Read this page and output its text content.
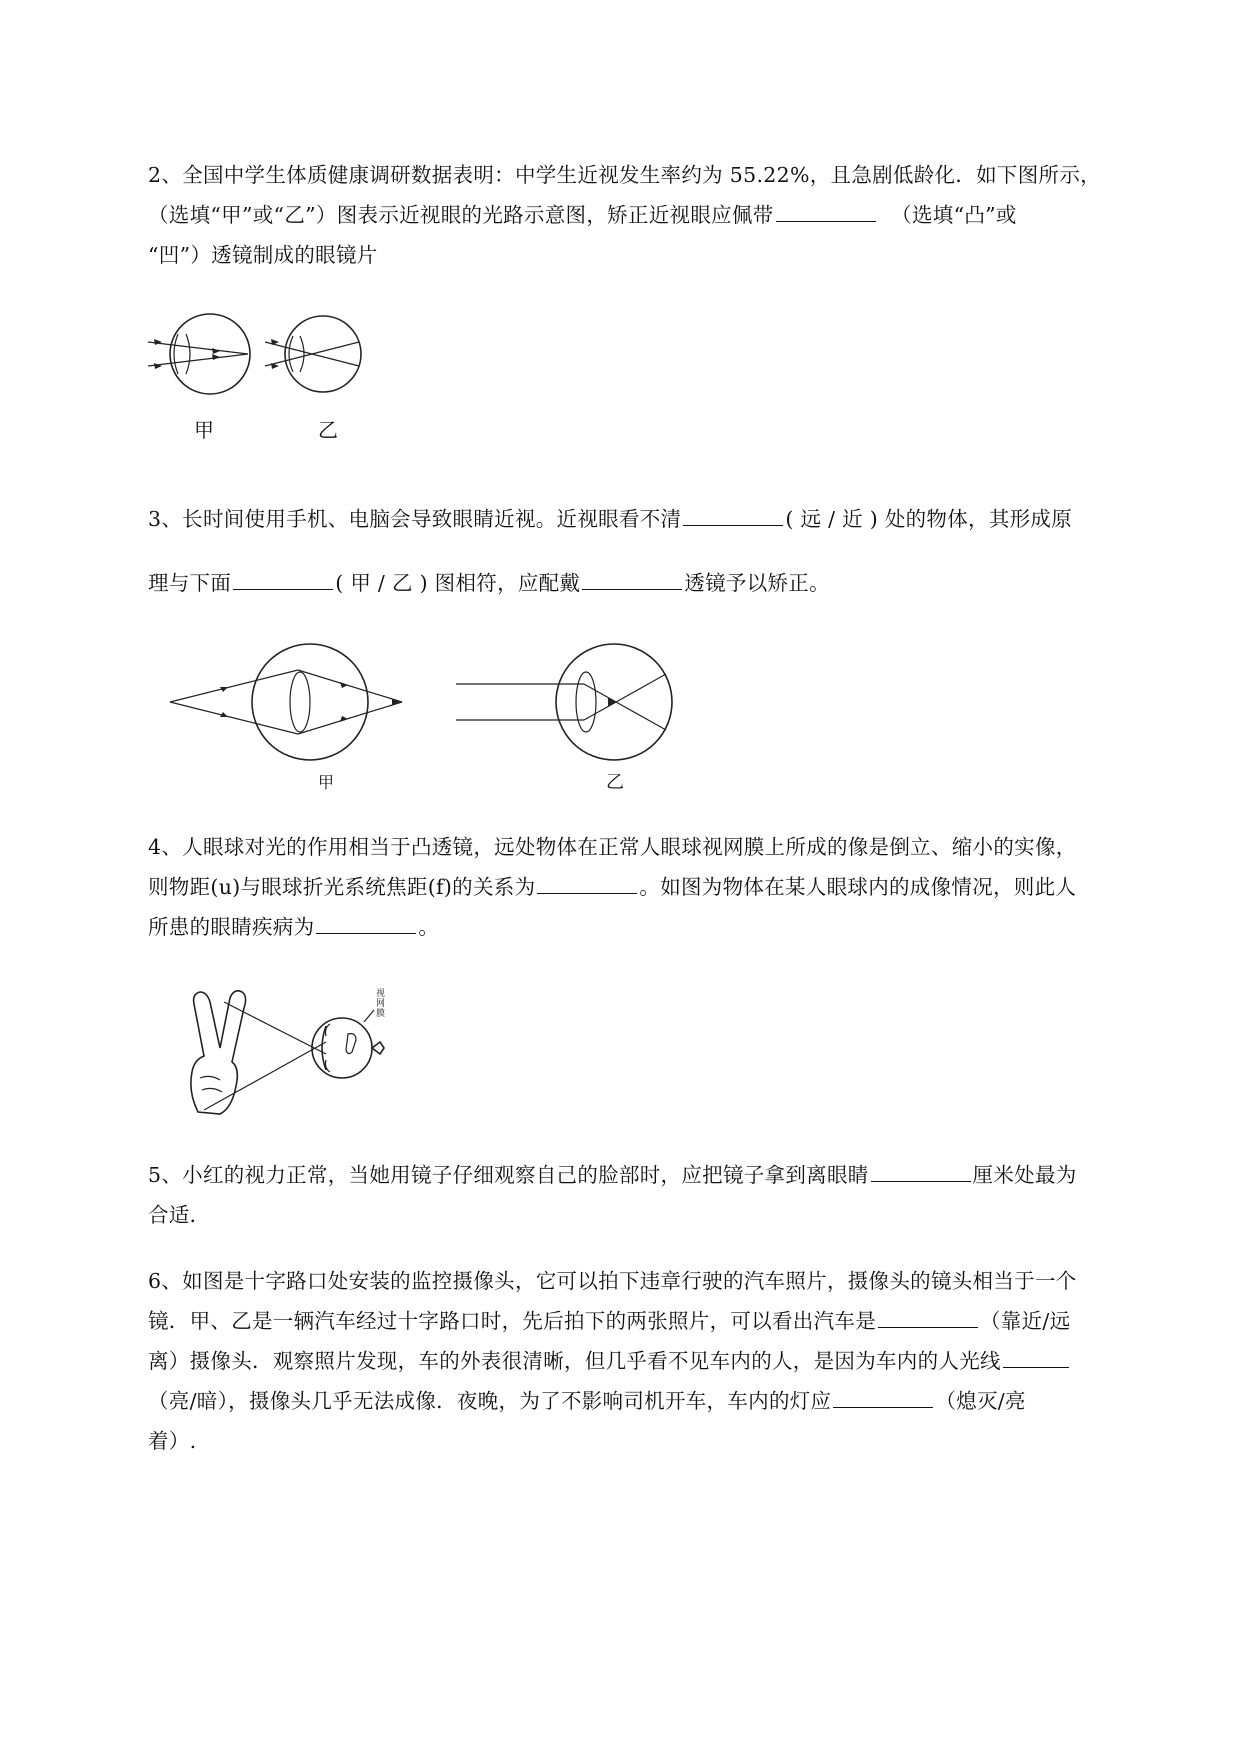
2、全国中学生体质健康调研数据表明：中学生近视发生率约为 55.22%，且急剧低龄化．如下图所示，
（选填“甲”或“乙”）图表示近视眼的光路示意图，矫正近视眼应佩带	（选填“凸”或
“凹”）透镜制成的眼镜片
甲	乙
3、长时间使用手机、电脑会导致眼睛近视。近视眼看不清	( 远 / 近 ) 处的物体，其形成原
理与下面	( 甲 / 乙 ) 图相符，应配戴	透镜予以矫正。
甲	乙
4、人眼球对光的作用相当于凸透镜，远处物体在正常人眼球视网膜上所成的像是倒立、缩小的实像，
则物距(u)与眼球折光系统焦距(f)的关系为	。如图为物体在某人眼球内的成像情况，则此人
所患的眼睛疾病为	。
视 网 膜
5、小红的视力正常，当她用镜子仔细观察自己的脸部时，应把镜子拿到离眼睛	厘米处最为
合适．
6、如图是十字路口处安装的监控摄像头，它可以拍下违章行驶的汽车照片，摄像头的镜头相当于一个
镜．甲、乙是一辆汽车经过十字路口时，先后拍下的两张照片，可以看出汽车是	（靠近/远
离）摄像头．观察照片发现，车的外表很清晰，但几乎看不见车内的人，是因为车内的人光线
（亮/暗），摄像头几乎无法成像．夜晚，为了不影响司机开车，车内的灯应	（熄灭/亮
着）.
